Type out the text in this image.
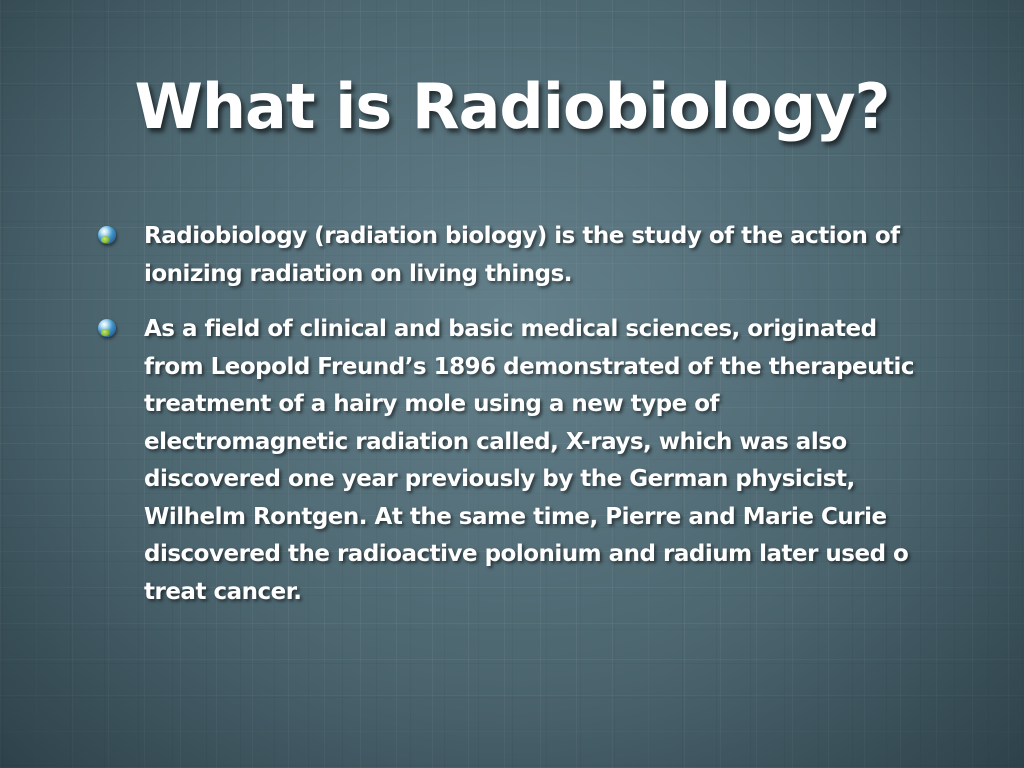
What is Radiobiology?
Radiobiology (radiation biology) is the study of the action of ionizing radiation on living things.
As a field of clinical and basic medical sciences, originated from Leopold Freund’s 1896 demonstrated of the therapeutic treatment of a hairy mole using a new type of electromagnetic radiation called, X-rays, which was also discovered one year previously by the German physicist, Wilhelm Rontgen. At the same time, Pierre and Marie Curie discovered the radioactive polonium and radium later used o treat cancer.
